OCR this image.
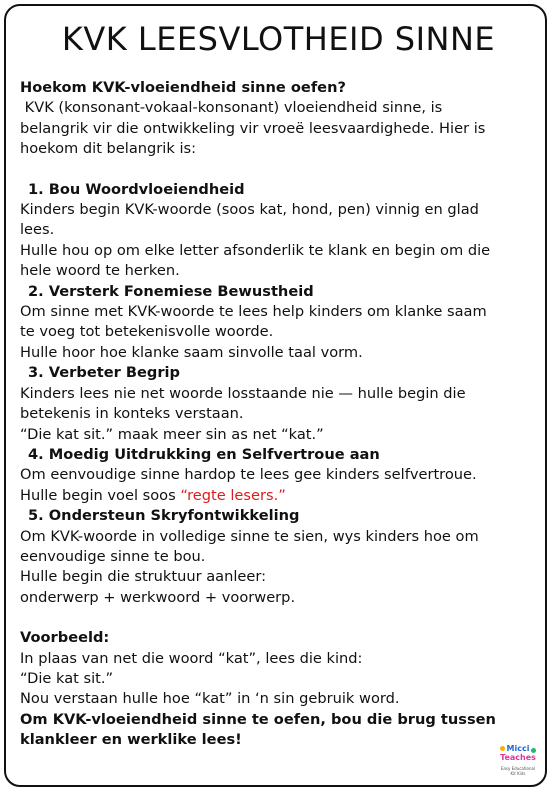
KVK LEESVLOTHEID SINNE

Hoekom KVK-vloeiendheid sinne oefen?

KVK (konsonant-vokaal-konsonant) vloeiendheid sinne, is

belangrik vir die ontwikkeling vir vroeë leesvaardighede. Hier is

hoekom dit belangrik is:

1. Bou Woordvloeiendheid

Kinders begin KVK-woorde (soos kat, hond, pen) vinnig en glad

lees.

Hulle hou op om elke letter afsonderlik te klank en begin om die

hele woord te herken.

2. Versterk Fonemiese Bewustheid

Om sinne met KVK-woorde te lees help kinders om klanke saam

te voeg tot betekenisvolle woorde.

Hulle hoor hoe klanke saam sinvolle taal vorm.

3. Verbeter Begrip

Kinders lees nie net woorde losstaande nie — hulle begin die

betekenis in konteks verstaan.

“Die kat sit.” maak meer sin as net “kat.”

4. Moedig Uitdrukking en Selfvertroue aan

Om eenvoudige sinne hardop te lees gee kinders selfvertroue.

Hulle begin voel soos “regte lesers.”

5. Ondersteun Skryfontwikkeling

Om KVK-woorde in volledige sinne te sien, wys kinders hoe om

eenvoudige sinne te bou.

Hulle begin die struktuur aanleer:

onderwerp + werkwoord + voorwerp.

Voorbeeld:

In plaas van net die woord “kat”, lees die kind:

“Die kat sit.”

Nou verstaan hulle hoe “kat” in ‘n sin gebruik word.

Om KVK-vloeiendheid sinne te oefen, bou die brug tussen

klankleer en werklike lees!

Micci
Teaches
Easy Educational Kit Kids
